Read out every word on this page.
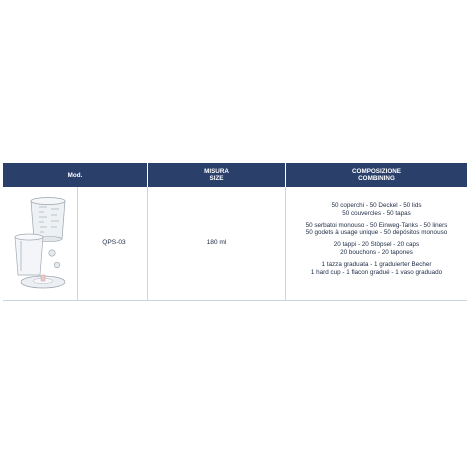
Mod.	MISURA
SIZE
COMPOSIZIONE
COMBINING
QPS-03	180 ml
50 coperchi - 50 Deckel - 50 lids
50 couvercles - 50 tapas
50 serbatoi monouso - 50 Einweg-Tanks - 50 liners
50 godets à usage unique - 50 depósitos monouso
20 tappi - 20 Stöpsel - 20 caps
20 bouchons - 20 tapones
1 tazza graduata - 1 graduierter Becher
1 hard cup - 1 flacon gradué - 1 vaso graduado
